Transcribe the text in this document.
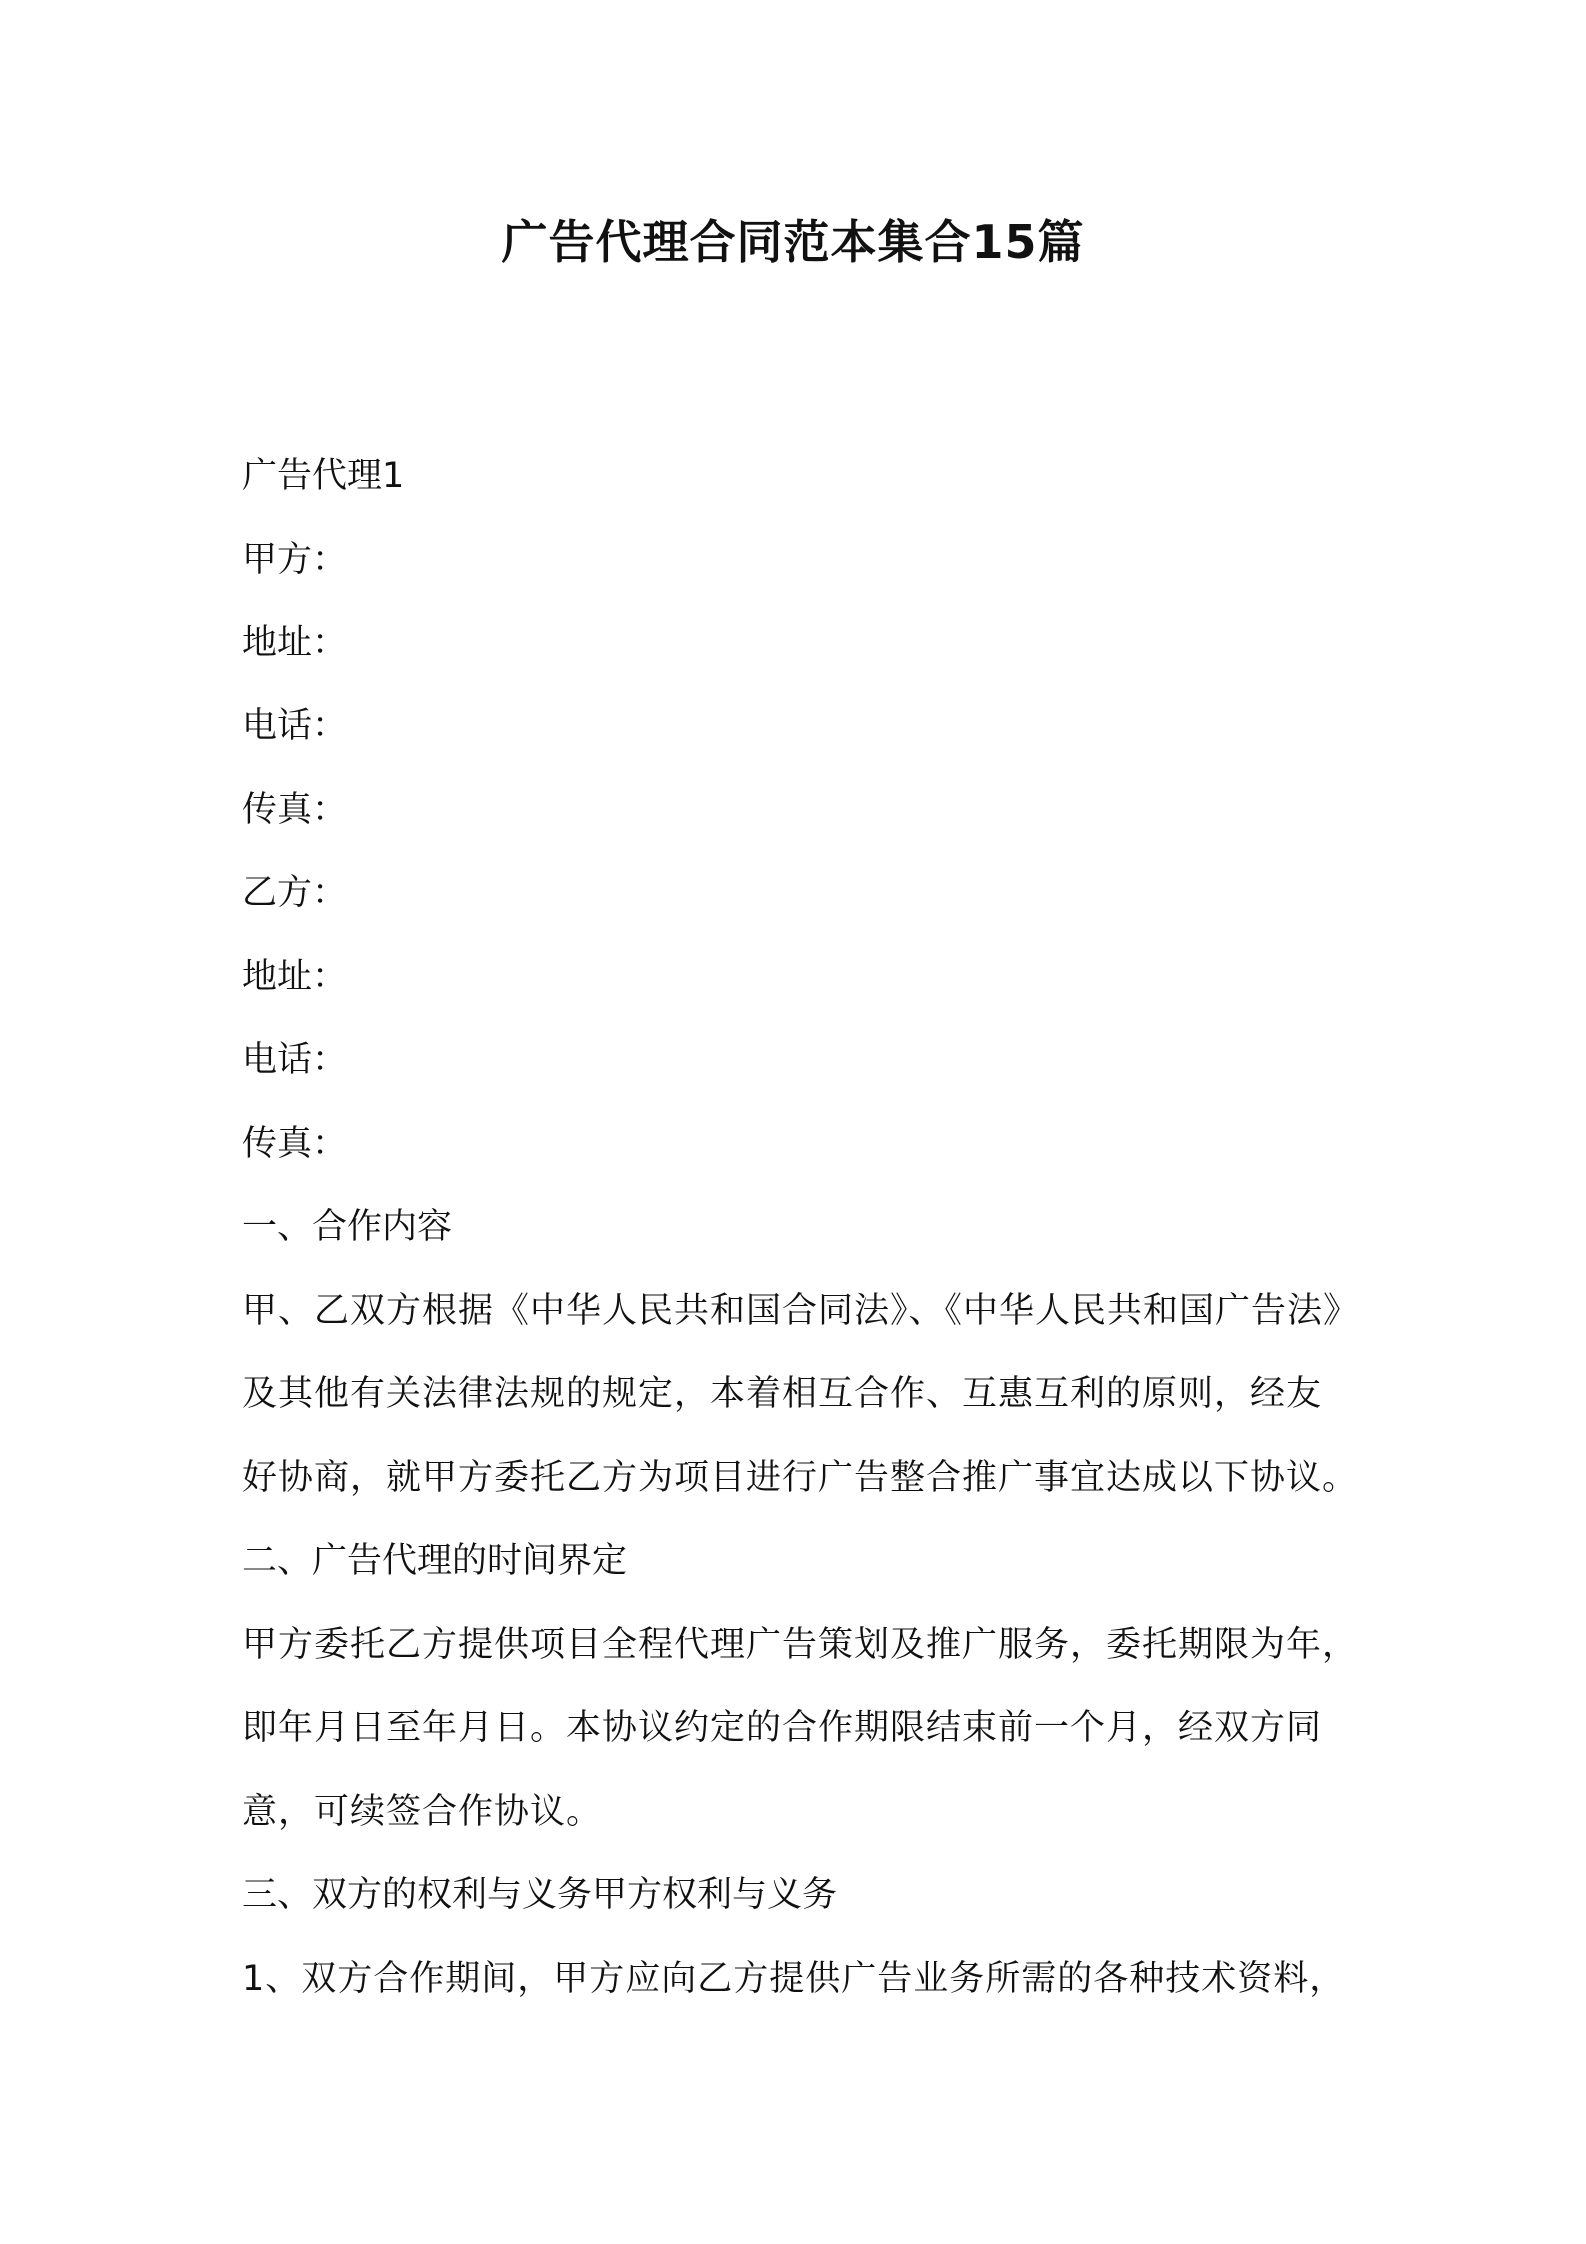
广告代理合同范本集合15篇
广告代理1
甲方：
地址：
电话：
传真：
乙方：
地址：
电话：
传真：
一、合作内容
甲、乙双方根据《中华人民共和国合同法》、《中华人民共和国广告法》
及其他有关法律法规的规定，本着相互合作、互惠互利的原则，经友
好协商，就甲方委托乙方为项目进行广告整合推广事宜达成以下协议。
二、广告代理的时间界定
甲方委托乙方提供项目全程代理广告策划及推广服务，委托期限为年，
即年月日至年月日。本协议约定的合作期限结束前一个月，经双方同
意，可续签合作协议。
三、双方的权利与义务甲方权利与义务
1、双方合作期间，甲方应向乙方提供广告业务所需的各种技术资料，
